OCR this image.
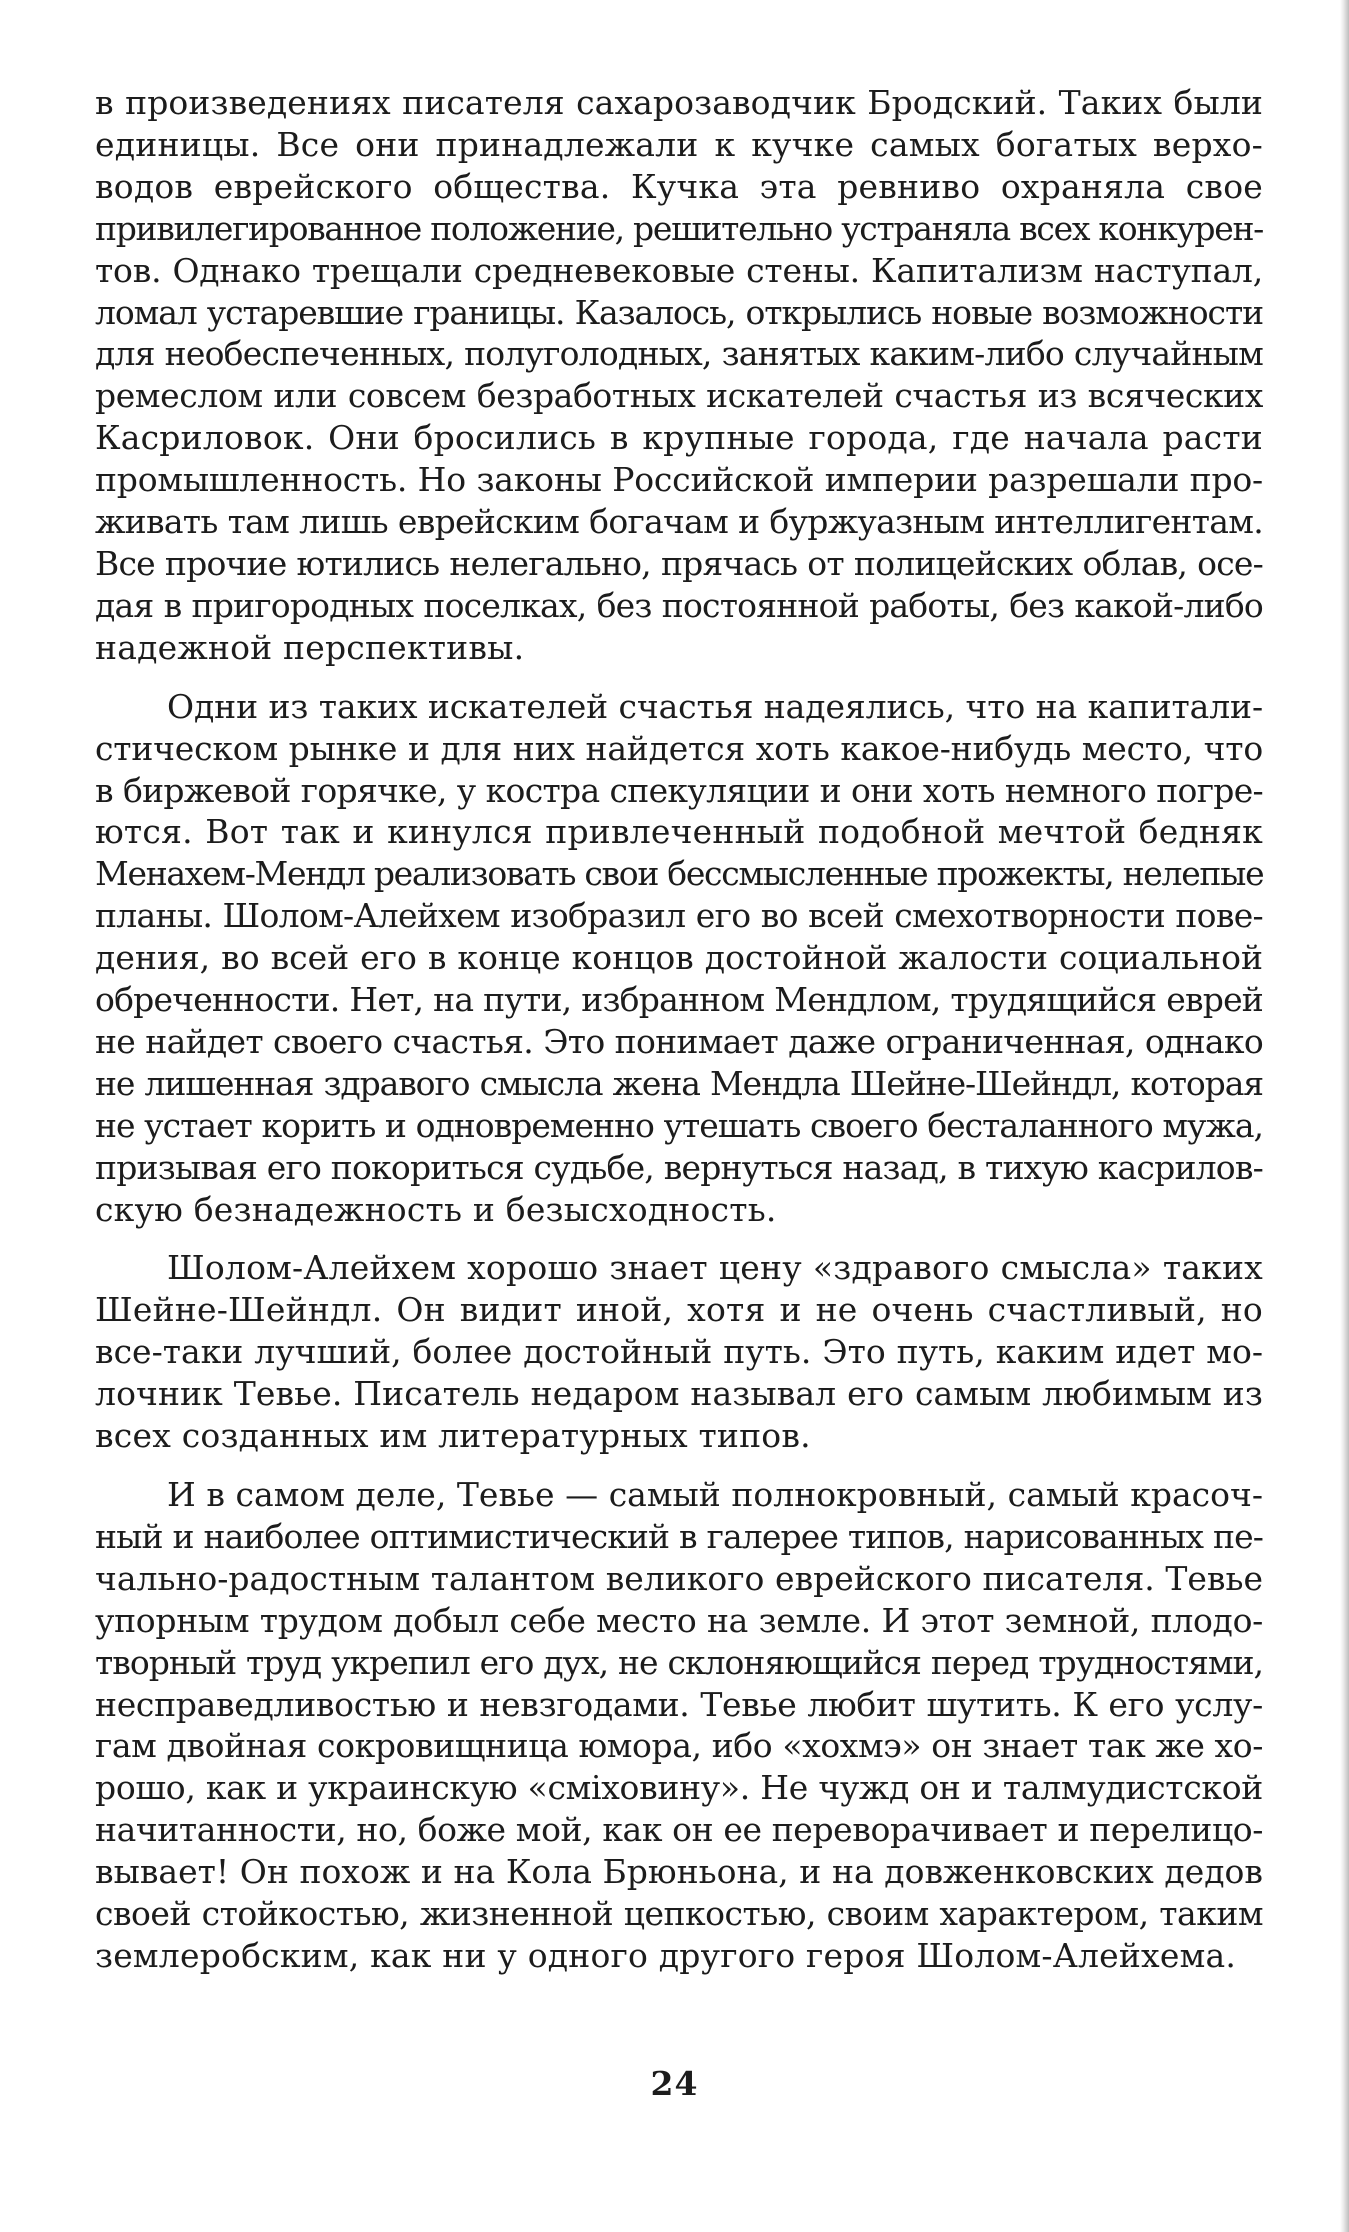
в произведениях писателя сахарозаводчик Бродский. Таких были
единицы. Все они принадлежали к кучке самых богатых верхо-
водов еврейского общества. Кучка эта ревниво охраняла свое
привилегированное положение, решительно устраняла всех конкурен-
тов. Однако трещали средневековые стены. Капитализм наступал,
ломал устаревшие границы. Казалось, открылись новые возможности
для необеспеченных, полуголодных, занятых каким-либо случайным
ремеслом или совсем безработных искателей счастья из всяческих
Касриловок. Они бросились в крупные города, где начала расти
промышленность. Но законы Российской империи разрешали про-
живать там лишь еврейским богачам и буржуазным интеллигентам.
Все прочие ютились нелегально, прячась от полицейских облав, осе-
дая в пригородных поселках, без постоянной работы, без какой-либо
надежной перспективы.

Одни из таких искателей счастья надеялись, что на капитали-
стическом рынке и для них найдется хоть какое-нибудь место, что
в биржевой горячке, у костра спекуляции и они хоть немного погре-
ются. Вот так и кинулся привлеченный подобной мечтой бедняк
Менахем-Мендл реализовать свои бессмысленные прожекты, нелепые
планы. Шолом-Алейхем изобразил его во всей смехотворности пове-
дения, во всей его в конце концов достойной жалости социальной
обреченности. Нет, на пути, избранном Мендлом, трудящийся еврей
не найдет своего счастья. Это понимает даже ограниченная, однако
не лишенная здравого смысла жена Мендла Шейне-Шейндл, которая
не устает корить и одновременно утешать своего бесталанного мужа,
призывая его покориться судьбе, вернуться назад, в тихую касрилов-
скую безнадежность и безысходность.

Шолом-Алейхем хорошо знает цену «здравого смысла» таких
Шейне-Шейндл. Он видит иной, хотя и не очень счастливый, но
все-таки лучший, более достойный путь. Это путь, каким идет мо-
лочник Тевье. Писатель недаром называл его самым любимым из
всех созданных им литературных типов.

И в самом деле, Тевье — самый полнокровный, самый красоч-
ный и наиболее оптимистический в галерее типов, нарисованных пе-
чально-радостным талантом великого еврейского писателя. Тевье
упорным трудом добыл себе место на земле. И этот земной, плодо-
творный труд укрепил его дух, не склоняющийся перед трудностями,
несправедливостью и невзгодами. Тевье любит шутить. К его услу-
гам двойная сокровищница юмора, ибо «хохмэ» он знает так же хо-
рошо, как и украинскую «сміховину». Не чужд он и талмудистской
начитанности, но, боже мой, как он ее переворачивает и перелицо-
вывает! Он похож и на Кола Брюньона, и на довженковских дедов
своей стойкостью, жизненной цепкостью, своим характером, таким
землеробским, как ни у одного другого героя Шолом-Алейхема.

24
